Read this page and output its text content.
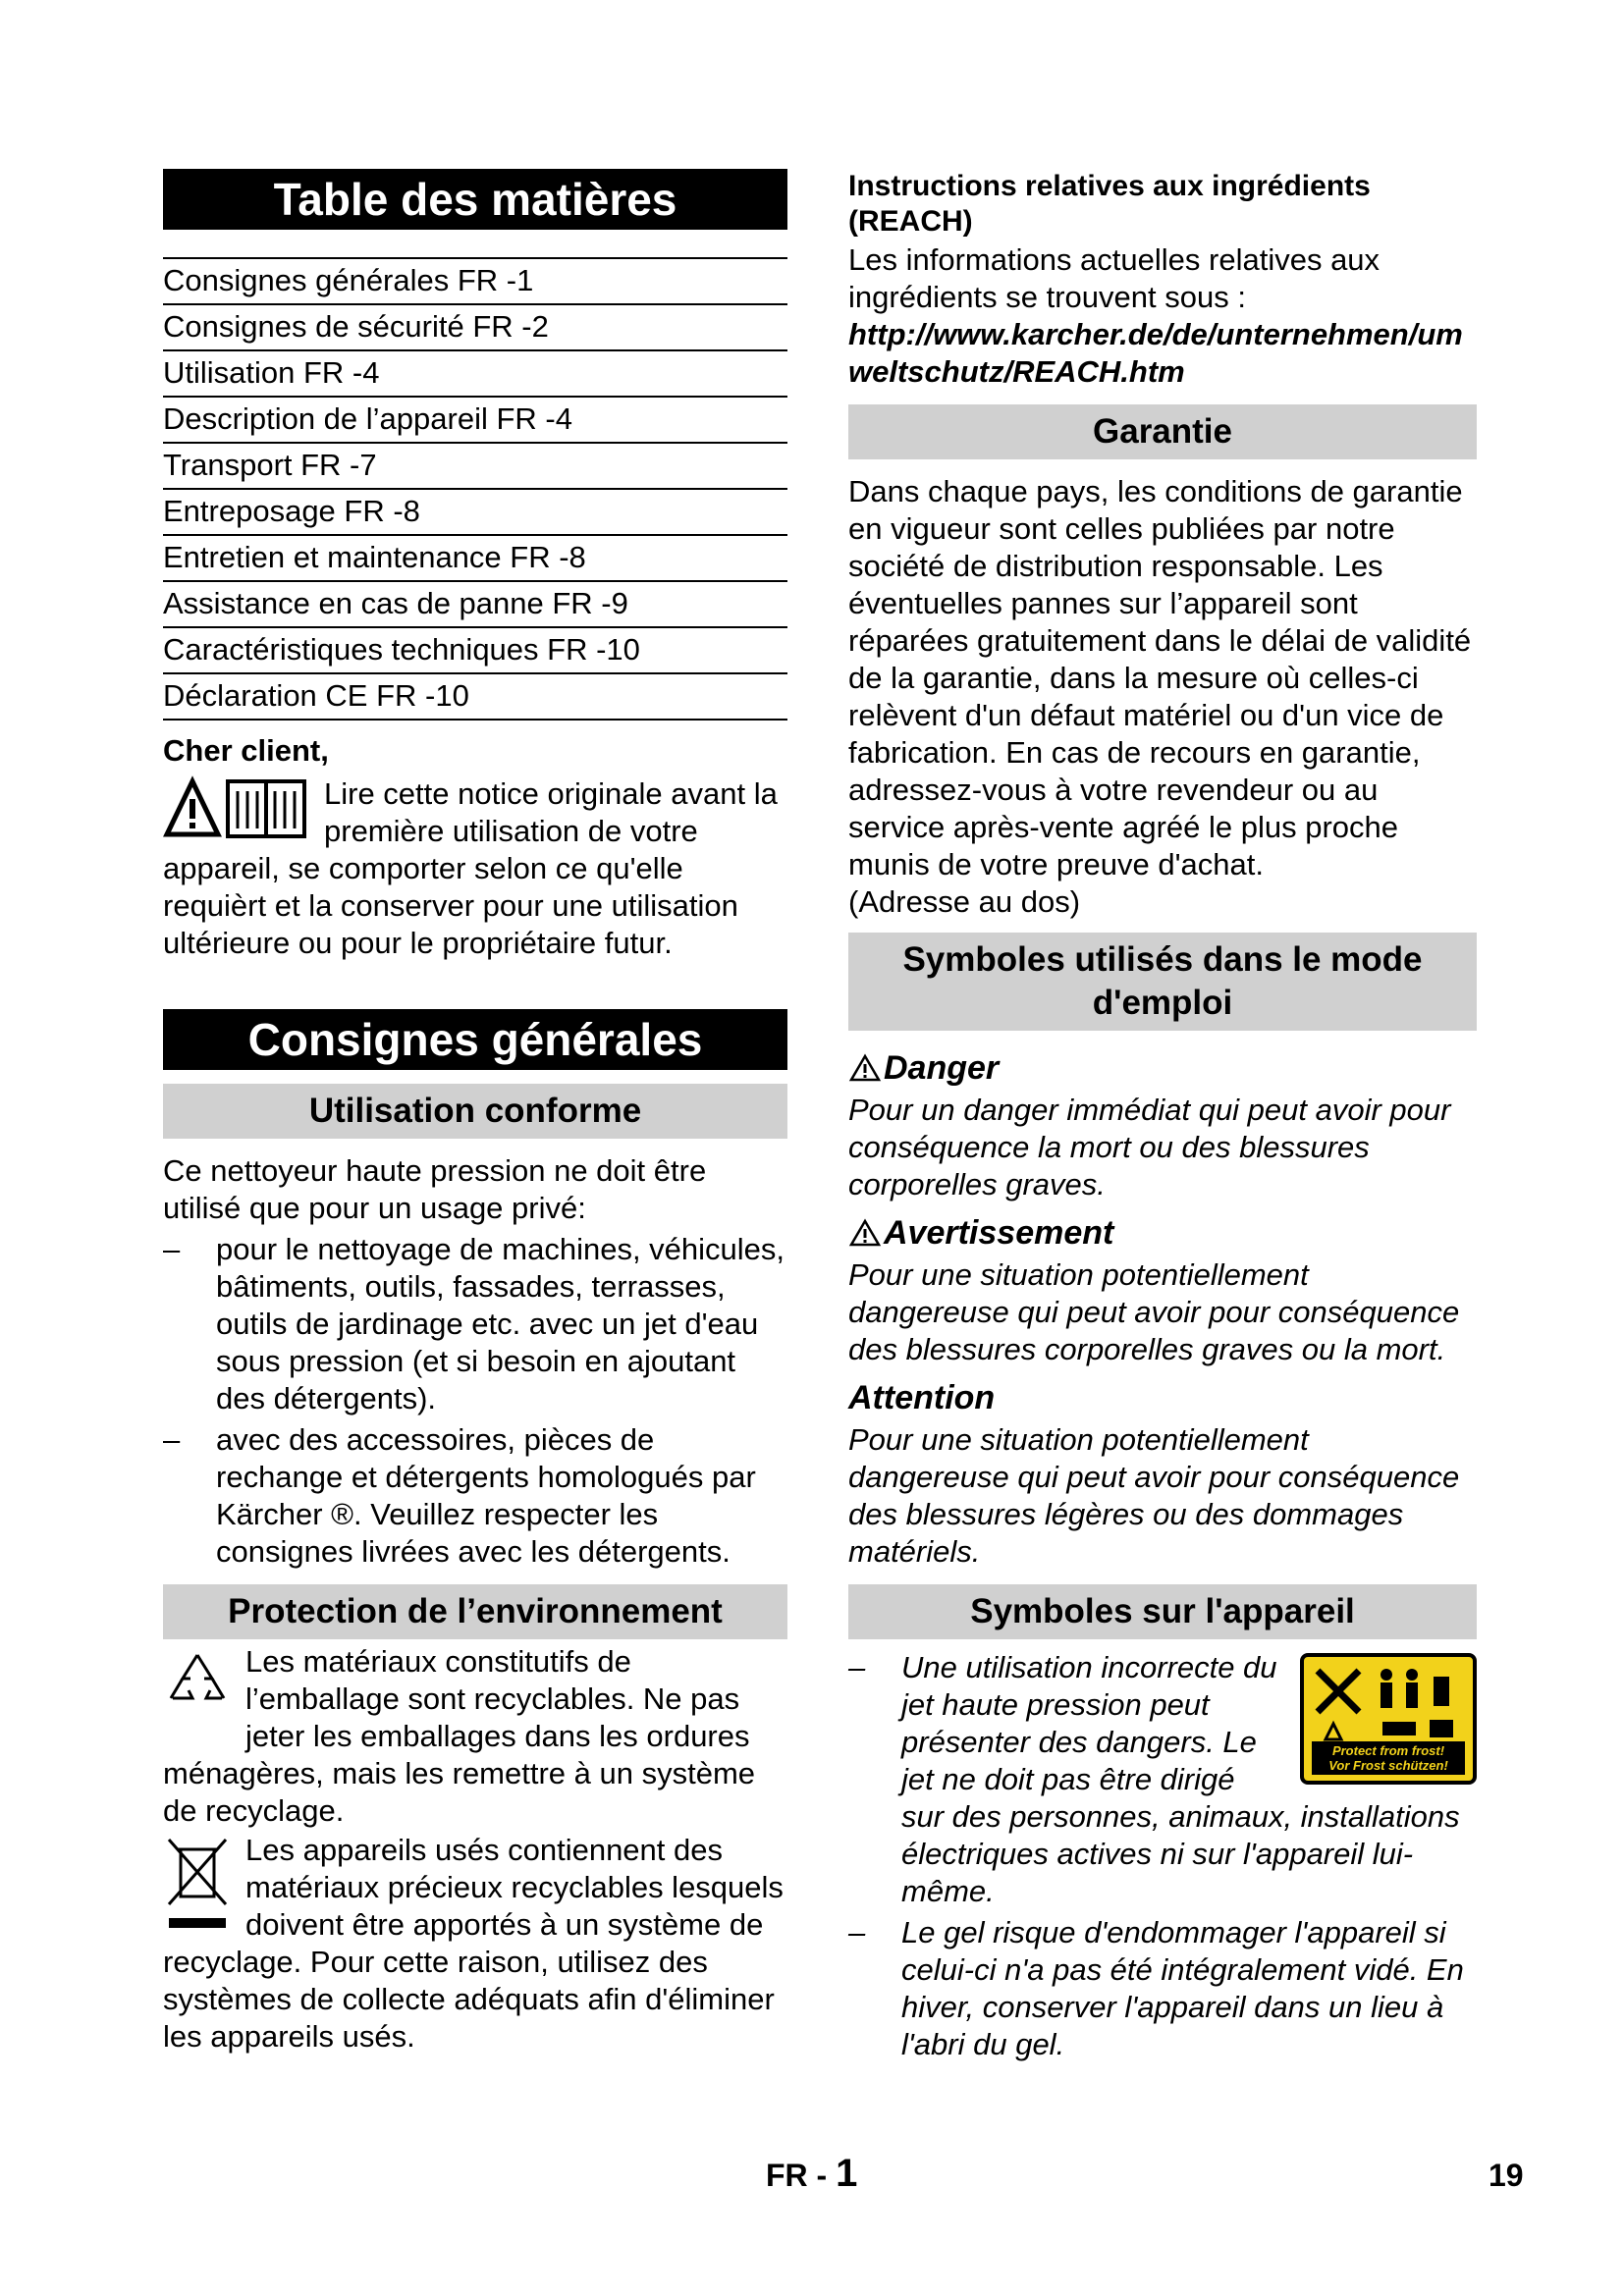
Table des matières
Consignes générales FR -1
Consignes de sécurité FR -2
Utilisation FR -4
Description de l’appareil FR -4
Transport FR -7
Entreposage FR -8
Entretien et maintenance FR -8
Assistance en cas de panne FR -9
Caractéristiques techniques FR -10
Déclaration CE FR -10

Cher client,

Lire cette notice originale avant la première utilisation de votre appareil, se comporter selon ce qu'elle requièrt et la conserver pour une utilisation ultérieure ou pour le propriétaire futur.

Consignes générales
Utilisation conforme

Ce nettoyeur haute pression ne doit être utilisé que pour un usage privé:

– pour le nettoyage de machines, véhicules, bâtiments, outils, fassades, terrasses, outils de jardinage etc. avec un jet d'eau sous pression (et si besoin en ajoutant des détergents).
– avec des accessoires, pièces de rechange et détergents homologués par Kärcher ®. Veuillez respecter les consignes livrées avec les détergents.
Protection de l’environnement

Les matériaux constitutifs de l’emballage sont recyclables. Ne pas jeter les emballages dans les ordures ménagères, mais les remettre à un système de recyclage.

Les appareils usés contiennent des matériaux précieux recyclables lesquels doivent être apportés à un système de recyclage. Pour cette raison, utilisez des systèmes de collecte adéquats afin d'éliminer les appareils usés.

Instructions relatives aux ingrédients (REACH)

Les informations actuelles relatives aux ingrédients se trouvent sous :

http://www.karcher.de/de/unternehmen/umweltschutz/REACH.htm

Garantie

Dans chaque pays, les conditions de garantie en vigueur sont celles publiées par notre société de distribution responsable. Les éventuelles pannes sur l’appareil sont réparées gratuitement dans le délai de validité de la garantie, dans la mesure où celles-ci relèvent d'un défaut matériel ou d'un vice de fabrication. En cas de recours en garantie, adressez-vous à votre revendeur ou au service après-vente agréé le plus proche munis de votre preuve d'achat.

(Adresse au dos)

Symboles utilisés dans le mode d'emploi
Danger

Pour un danger immédiat qui peut avoir pour conséquence la mort ou des blessures corporelles graves.

Avertissement

Pour une situation potentiellement dangereuse qui peut avoir pour conséquence des blessures corporelles graves ou la mort.

Attention

Pour une situation potentiellement dangereuse qui peut avoir pour conséquence des blessures légères ou des dommages matériels.

Symboles sur l'appareil
Protect from frost!
Vor Frost schützen!
– Une utilisation incorrecte du jet haute pression peut présenter des dangers. Le jet ne doit pas être dirigé sur des personnes, animaux, installations électriques actives ni sur l'appareil lui-même.
– Le gel risque d'endommager l'appareil si celui-ci n'a pas été intégralement vidé. En hiver, conserver l'appareil dans un lieu à l'abri du gel.
FR - 1	19
